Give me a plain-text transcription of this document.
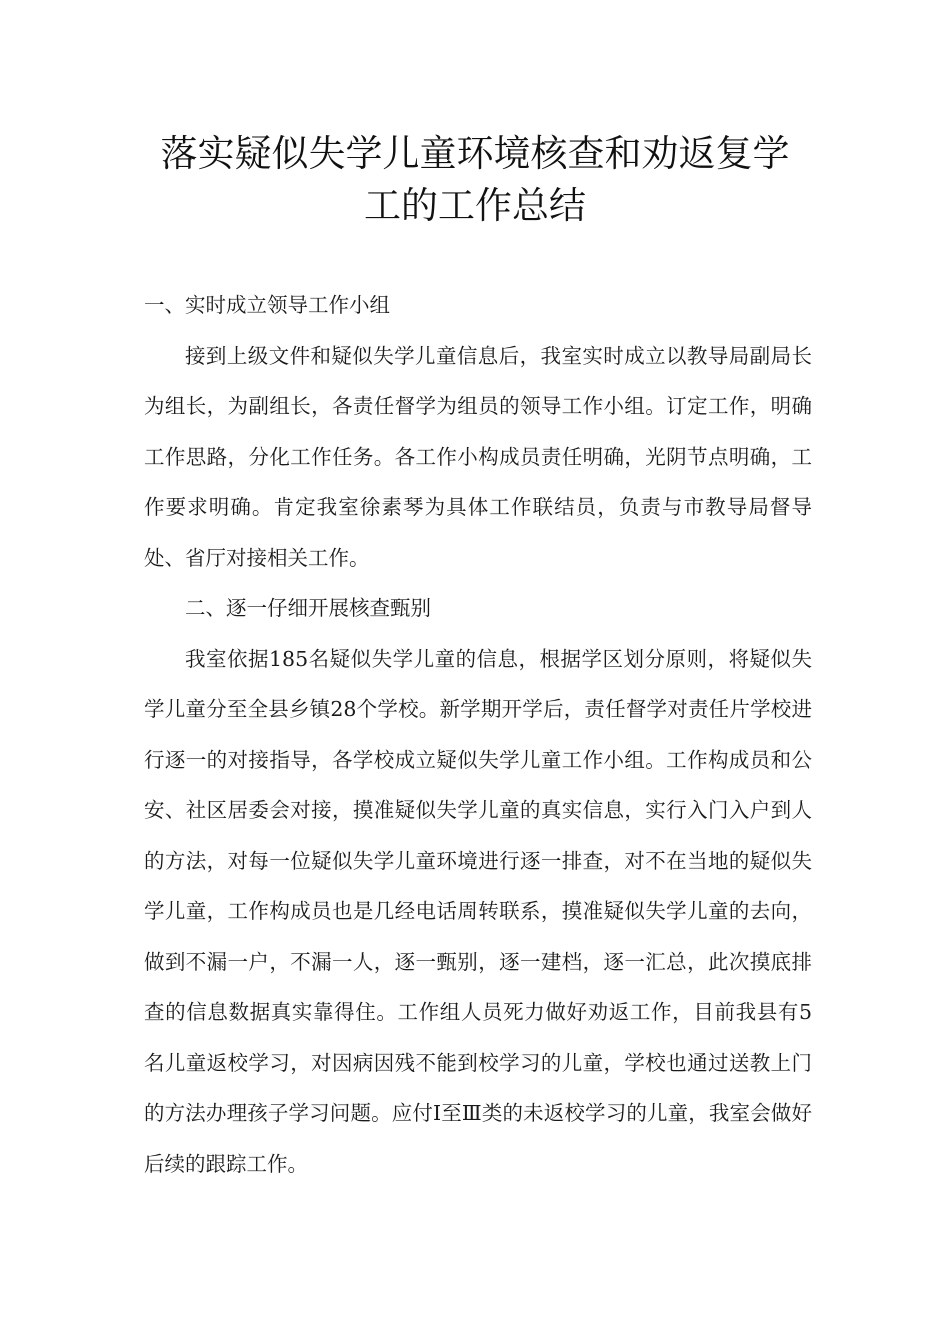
落实疑似失学儿童环境核查和劝返复学
工的工作总结

一、实时成立领导工作小组

接到上级文件和疑似失学儿童信息后，我室实时成立以教导局副局长为组长，为副组长，各责任督学为组员的领导工作小组。订定工作，明确工作思路，分化工作任务。各工作小构成员责任明确，光阴节点明确，工作要求明确。肯定我室徐素琴为具体工作联结员，负责与市教导局督导处、省厅对接相关工作。

二、逐一仔细开展核查甄别

我室依据185名疑似失学儿童的信息，根据学区划分原则，将疑似失学儿童分至全县乡镇28个学校。新学期开学后，责任督学对责任片学校进行逐一的对接指导，各学校成立疑似失学儿童工作小组。工作构成员和公安、社区居委会对接，摸准疑似失学儿童的真实信息，实行入门入户到人的方法，对每一位疑似失学儿童环境进行逐一排查，对不在当地的疑似失学儿童，工作构成员也是几经电话周转联系，摸准疑似失学儿童的去向，做到不漏一户，不漏一人，逐一甄别，逐一建档，逐一汇总，此次摸底排查的信息数据真实靠得住。工作组人员死力做好劝返工作，目前我县有5名儿童返校学习，对因病因残不能到校学习的儿童，学校也通过送教上门的方法办理孩子学习问题。应付Ⅰ至Ⅲ类的未返校学习的儿童，我室会做好后续的跟踪工作。
